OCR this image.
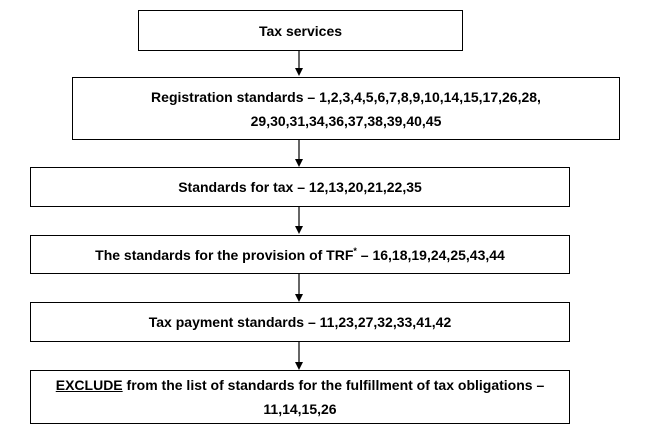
Tax services
Registration standards – 1,2,3,4,5,6,7,8,9,10,14,15,17,26,28,
29,30,31,34,36,37,38,39,40,45
Standards for tax – 12,13,20,21,22,35
The standards for the provision of TRF* – 16,18,19,24,25,43,44
Tax payment standards – 11,23,27,32,33,41,42
EXCLUDE from the list of standards for the fulfillment of tax obligations –
11,14,15,26
